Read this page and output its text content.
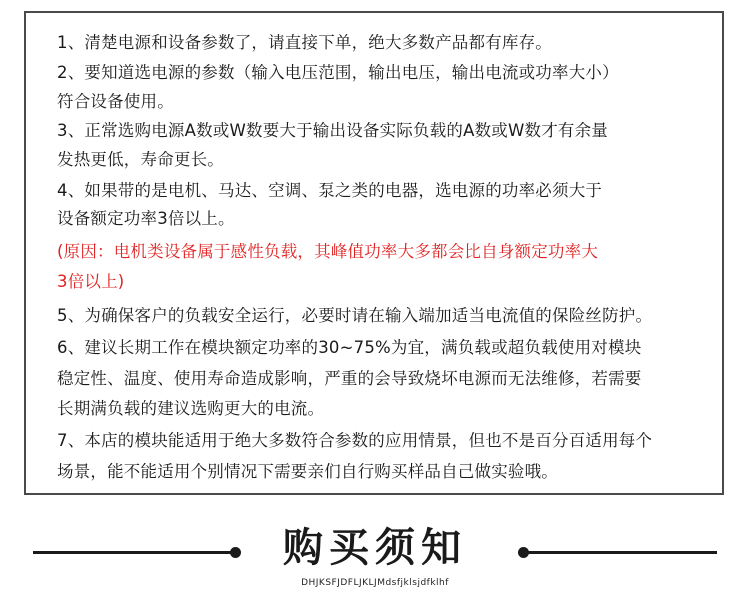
1、清楚电源和设备参数了，请直接下单，绝大多数产品都有库存。
2、要知道选电源的参数（输入电压范围，输出电压，输出电流或功率大小）
符合设备使用。
3、正常选购电源A数或W数要大于输出设备实际负载的A数或W数才有余量
发热更低，寿命更长。
4、如果带的是电机、马达、空调、泵之类的电器，选电源的功率必须大于
设备额定功率3倍以上。
(原因：电机类设备属于感性负载，其峰值功率大多都会比自身额定功率大
3倍以上)
5、为确保客户的负载安全运行，必要时请在输入端加适当电流值的保险丝防护。
6、建议长期工作在模块额定功率的30~75%为宜，满负载或超负载使用对模块
稳定性、温度、使用寿命造成影响，严重的会导致烧坏电源而无法维修，若需要
长期满负载的建议选购更大的电流。
7、本店的模块能适用于绝大多数符合参数的应用情景，但也不是百分百适用每个
场景，能不能适用个别情况下需要亲们自行购买样品自己做实验哦。
购买须知
DHJKSFJDFLJKLJMdsfjklsjdfklhf
